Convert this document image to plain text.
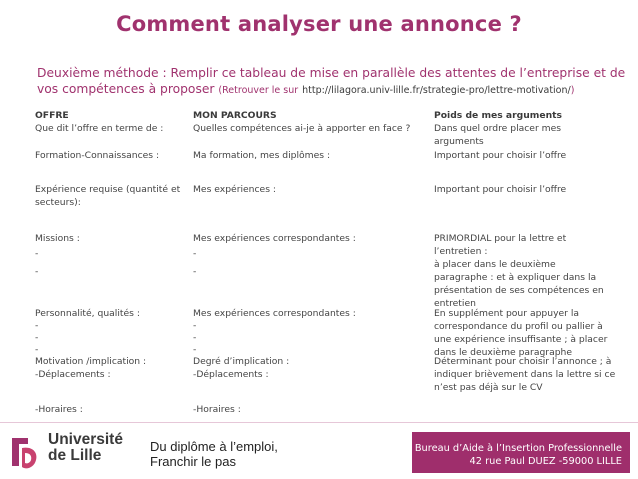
Comment analyser une annonce ?
Deuxième méthode : Remplir ce tableau de mise en parallèle des attentes de l’entreprise et de vos compétences à proposer (Retrouver le sur http://lilagora.univ-lille.fr/strategie-pro/lettre-motivation/)
OFFRE
Que dit l’offre en terme de :
Formation-Connaissances :
Expérience requise (quantité et secteurs):
Missions :
-
-
Personnalité, qualités :
-
-
-
Motivation /implication :
-Déplacements :
-Horaires :
MON PARCOURS
Quelles compétences ai-je à apporter en face ?
Ma formation, mes diplômes :
Mes expériences :
Mes expériences correspondantes :
-
-
Mes expériences correspondantes :
-
-
-
Degré d’implication :
-Déplacements :
-Horaires :
Poids de mes arguments
Dans quel ordre placer mes arguments
Important pour choisir l’offre
Important pour choisir l’offre
PRIMORDIAL pour la lettre et
l’entretien :
à placer dans le deuxième
paragraphe : et à expliquer dans la
présentation de ses compétences en
entretien
En supplément pour appuyer la
correspondance du profil ou pallier à
une expérience insuffisante ; à placer
dans le deuxième paragraphe
Déterminant pour choisir l’annonce ; à
indiquer brièvement dans la lettre si ce
n’est pas déjà sur le CV
Université
de Lille
Du diplôme à l’emploi,
Franchir le pas
Bureau d’Aide à l’Insertion Professionnelle
42 rue Paul DUEZ -59000 LILLE
